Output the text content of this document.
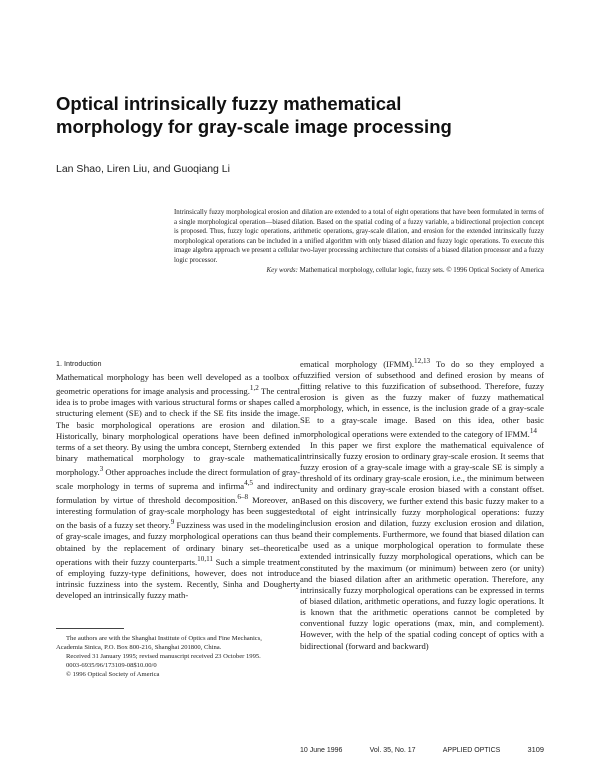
Optical intrinsically fuzzy mathematical
morphology for gray-scale image processing

Lan Shao, Liren Liu, and Guoqiang Li

Intrinsically fuzzy morphological erosion and dilation are extended to a total of eight operations that have been formulated in terms of a single morphological operation—biased dilation. Based on the spatial coding of a fuzzy variable, a bidirectional projection concept is proposed. Thus, fuzzy logic operations, arithmetic operations, gray-scale dilation, and erosion for the extended intrinsically fuzzy morphological operations can be included in a unified algorithm with only biased dilation and fuzzy logic operations. To execute this image algebra approach we present a cellular two-layer processing architecture that consists of a biased dilation processor and a fuzzy logic processor.

Key words: Mathematical morphology, cellular logic, fuzzy sets. © 1996 Optical Society of America

1. Introduction

Mathematical morphology has been well developed as a toolbox of geometric operations for image analysis and processing.$^{1,2}$ The central idea is to probe images with various structural forms or shapes called a structuring element (SE) and to check if the SE fits inside the image. The basic morphological operations are erosion and dilation. Historically, binary morphological operations have been defined in terms of a set theory. By using the umbra concept, Sternberg extended binary mathematical morphology to gray-scale mathematical morphology.$^3$ Other approaches include the direct formulation of gray-scale morphology in terms of suprema and infirma$^{4,5}$ and indirect formulation by virtue of threshold decomposition.$^{6-8}$ Moreover, an interesting formulation of gray-scale morphology has been suggested on the basis of a fuzzy set theory.$^9$ Fuzziness was used in the modeling of gray-scale images, and fuzzy morphological operations can thus be obtained by the replacement of ordinary binary set–theoretical operations with their fuzzy counterparts.$^{10,11}$ Such a simple treatment of employing fuzzy-type definitions, however, does not introduce intrinsic fuzziness into the system. Recently, Sinha and Dougherty developed an intrinsically fuzzy math-

The authors are with the Shanghai Institute of Optics and Fine Mechanics, Academia Sinica, P.O. Box 800-216, Shanghai 201800, China.

Received 31 January 1995; revised manuscript received 23 October 1995.

0003-6935/96/173109-08$10.00/0

© 1996 Optical Society of America

ematical morphology (IFMM).$^{12,13}$ To do so they employed a fuzzified version of subsethood and defined erosion by means of fitting relative to this fuzzification of subsethood. Therefore, fuzzy erosion is given as the fuzzy maker of fuzzy mathematical morphology, which, in essence, is the inclusion grade of a gray-scale SE to a gray-scale image. Based on this idea, other basic morphological operations were extended to the category of IFMM.$^{14}$

In this paper we first explore the mathematical equivalence of intrinsically fuzzy erosion to ordinary gray-scale erosion. It seems that fuzzy erosion of a gray-scale image with a gray-scale SE is simply a threshold of its ordinary gray-scale erosion, i.e., the minimum between unity and ordinary gray-scale erosion biased with a constant offset. Based on this discovery, we further extend this basic fuzzy maker to a total of eight intrinsically fuzzy morphological operations: fuzzy inclusion erosion and dilation, fuzzy exclusion erosion and dilation, and their complements. Furthermore, we found that biased dilation can be used as a unique morphological operation to formulate these extended intrinsically fuzzy morphological operations, which can be constituted by the maximum (or minimum) between zero (or unity) and the biased dilation after an arithmetic operation. Therefore, any intrinsically fuzzy morphological operations can be expressed in terms of biased dilation, arithmetic operations, and fuzzy logic operations. It is known that the arithmetic operations cannot be completed by conventional fuzzy logic operations (max, min, and complement). However, with the help of the spatial coding concept of optics with a bidirectional (forward and backward)

10 June 1996	Vol. 35, No. 17	APPLIED OPTICS	3109
